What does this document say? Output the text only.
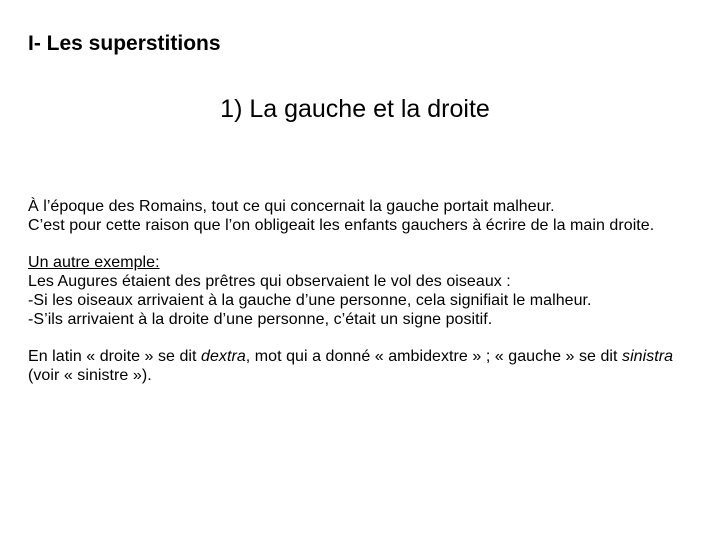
I- Les superstitions
1) La gauche et la droite

À l’époque des Romains, tout ce qui concernait la gauche portait malheur.
C’est pour cette raison que l’on obligeait les enfants gauchers à écrire de la main droite.

Un autre exemple:
Les Augures étaient des prêtres qui observaient le vol des oiseaux :
-Si les oiseaux arrivaient à la gauche d’une personne, cela signifiait le malheur.
-S’ils arrivaient à la droite d’une personne, c’était un signe positif.

En latin « droite » se dit dextra, mot qui a donné « ambidextre » ; « gauche » se dit sinistra (voir « sinistre »).
